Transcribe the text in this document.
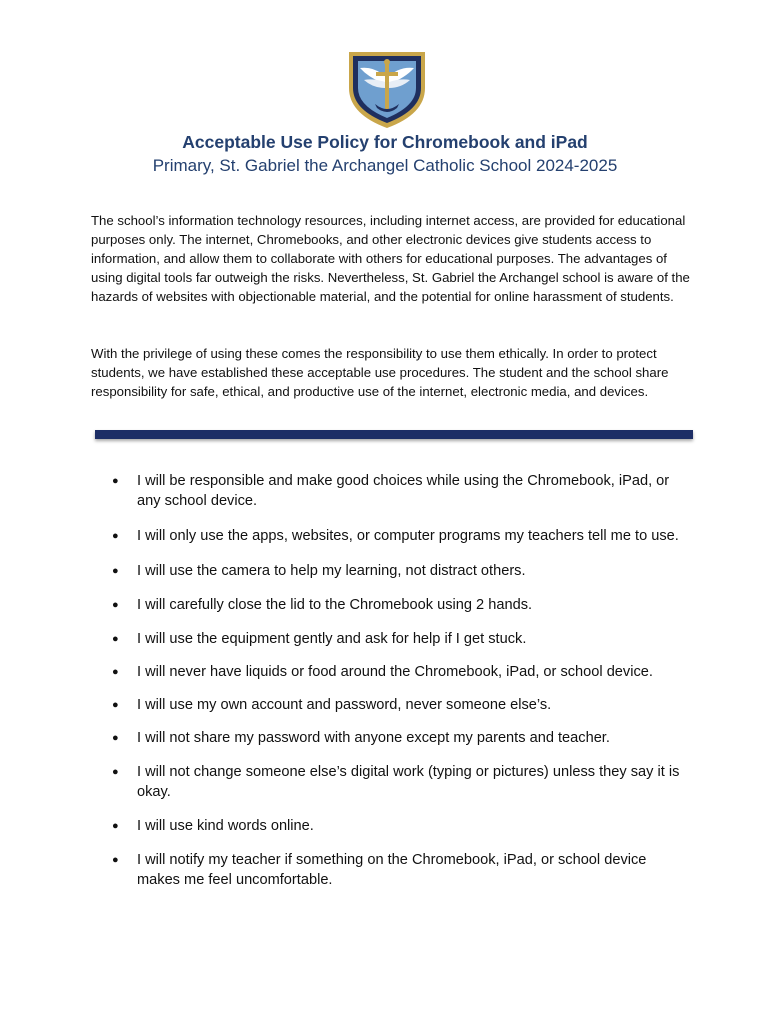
Acceptable Use Policy for Chromebook and iPad
Primary, St. Gabriel the Archangel Catholic School 2024-2025
The school’s information technology resources, including internet access, are provided for educational purposes only. The internet, Chromebooks, and other electronic devices give students access to information, and allow them to collaborate with others for educational purposes. The advantages of using digital tools far outweigh the risks. Nevertheless, St. Gabriel the Archangel school is aware of the hazards of websites with objectionable material, and the potential for online harassment of students.
With the privilege of using these comes the responsibility to use them ethically. In order to protect students, we have established these acceptable use procedures. The student and the school share responsibility for safe, ethical, and productive use of the internet, electronic media, and devices.
● I will be responsible and make good choices while using the Chromebook, iPad, or any school device.
● I will only use the apps, websites, or computer programs my teachers tell me to use.
● I will use the camera to help my learning, not distract others.
● I will carefully close the lid to the Chromebook using 2 hands.
● I will use the equipment gently and ask for help if I get stuck.
● I will never have liquids or food around the Chromebook, iPad, or school device.
● I will use my own account and password, never someone else’s.
● I will not share my password with anyone except my parents and teacher.
● I will not change someone else’s digital work (typing or pictures) unless they say it is okay.
● I will use kind words online.
● I will notify my teacher if something on the Chromebook, iPad, or school device makes me feel uncomfortable.
